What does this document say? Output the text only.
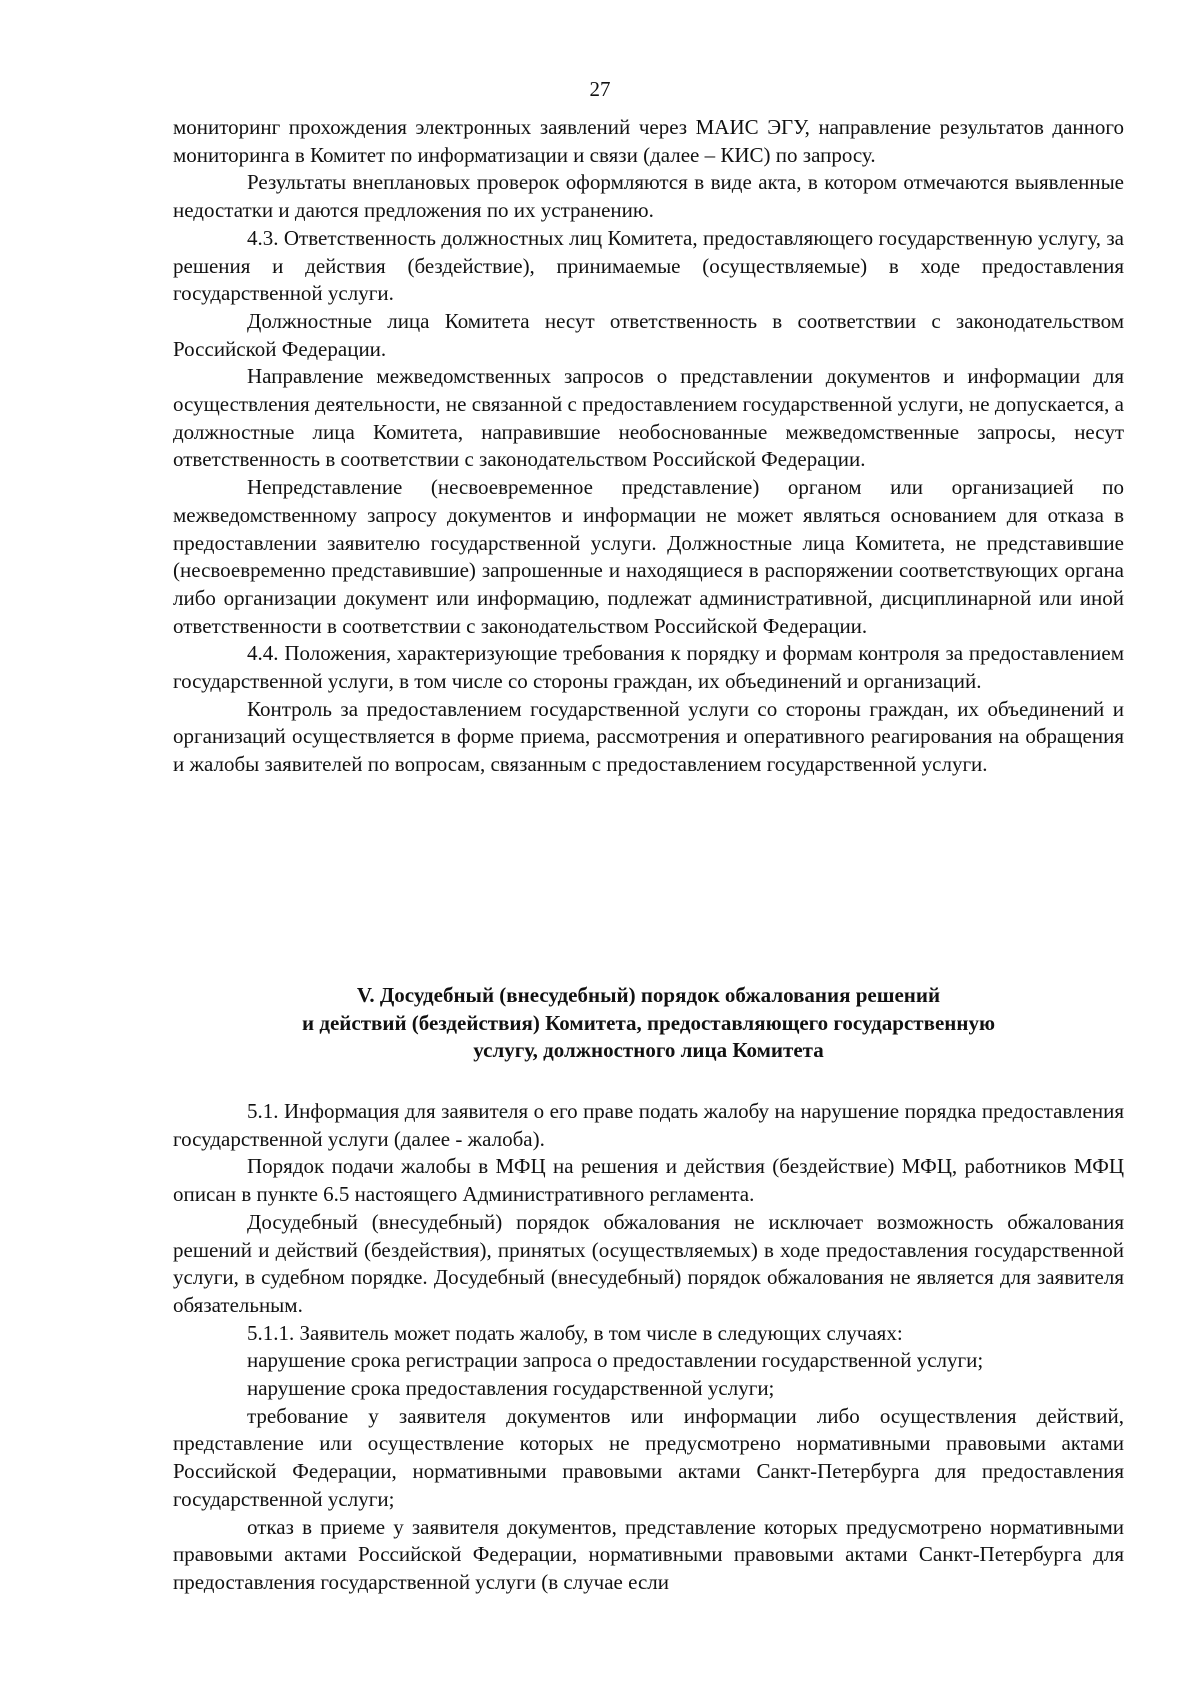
27

мониторинг прохождения электронных заявлений через МАИС ЭГУ, направление результатов данного мониторинга в Комитет по информатизации и связи (далее – КИС) по запросу.

Результаты внеплановых проверок оформляются в виде акта, в котором отмечаются выявленные недостатки и даются предложения по их устранению.

4.3. Ответственность должностных лиц Комитета, предоставляющего государственную услугу, за решения и действия (бездействие), принимаемые (осуществляемые) в ходе предоставления государственной услуги.

Должностные лица Комитета несут ответственность в соответствии с законодательством Российской Федерации.

Направление межведомственных запросов о представлении документов и информации для осуществления деятельности, не связанной с предоставлением государственной услуги, не допускается, а должностные лица Комитета, направившие необоснованные межведомственные запросы, несут ответственность в соответствии с законодательством Российской Федерации.

Непредставление (несвоевременное представление) органом или организацией по межведомственному запросу документов и информации не может являться основанием для отказа в предоставлении заявителю государственной услуги. Должностные лица Комитета, не представившие (несвоевременно представившие) запрошенные и находящиеся в распоряжении соответствующих органа либо организации документ или информацию, подлежат административной, дисциплинарной или иной ответственности в соответствии с законодательством Российской Федерации.

4.4. Положения, характеризующие требования к порядку и формам контроля за предоставлением государственной услуги, в том числе со стороны граждан, их объединений и организаций.

Контроль за предоставлением государственной услуги со стороны граждан, их объединений и организаций осуществляется в форме приема, рассмотрения и оперативного реагирования на обращения и жалобы заявителей по вопросам, связанным с предоставлением государственной услуги.

V. Досудебный (внесудебный) порядок обжалования решений
и действий (бездействия) Комитета, предоставляющего государственную
услугу, должностного лица Комитета

5.1. Информация для заявителя о его праве подать жалобу на нарушение порядка предоставления государственной услуги (далее - жалоба).

Порядок подачи жалобы в МФЦ на решения и действия (бездействие) МФЦ, работников МФЦ описан в пункте 6.5 настоящего Административного регламента.

Досудебный (внесудебный) порядок обжалования не исключает возможность обжалования решений и действий (бездействия), принятых (осуществляемых) в ходе предоставления государственной услуги, в судебном порядке. Досудебный (внесудебный) порядок обжалования не является для заявителя обязательным.

5.1.1. Заявитель может подать жалобу, в том числе в следующих случаях:

нарушение срока регистрации запроса о предоставлении государственной услуги;

нарушение срока предоставления государственной услуги;

требование у заявителя документов или информации либо осуществления действий, представление или осуществление которых не предусмотрено нормативными правовыми актами Российской Федерации, нормативными правовыми актами Санкт-Петербурга для предоставления государственной услуги;

отказ в приеме у заявителя документов, представление которых предусмотрено нормативными правовыми актами Российской Федерации, нормативными правовыми актами Санкт-Петербурга для предоставления государственной услуги (в случае если
